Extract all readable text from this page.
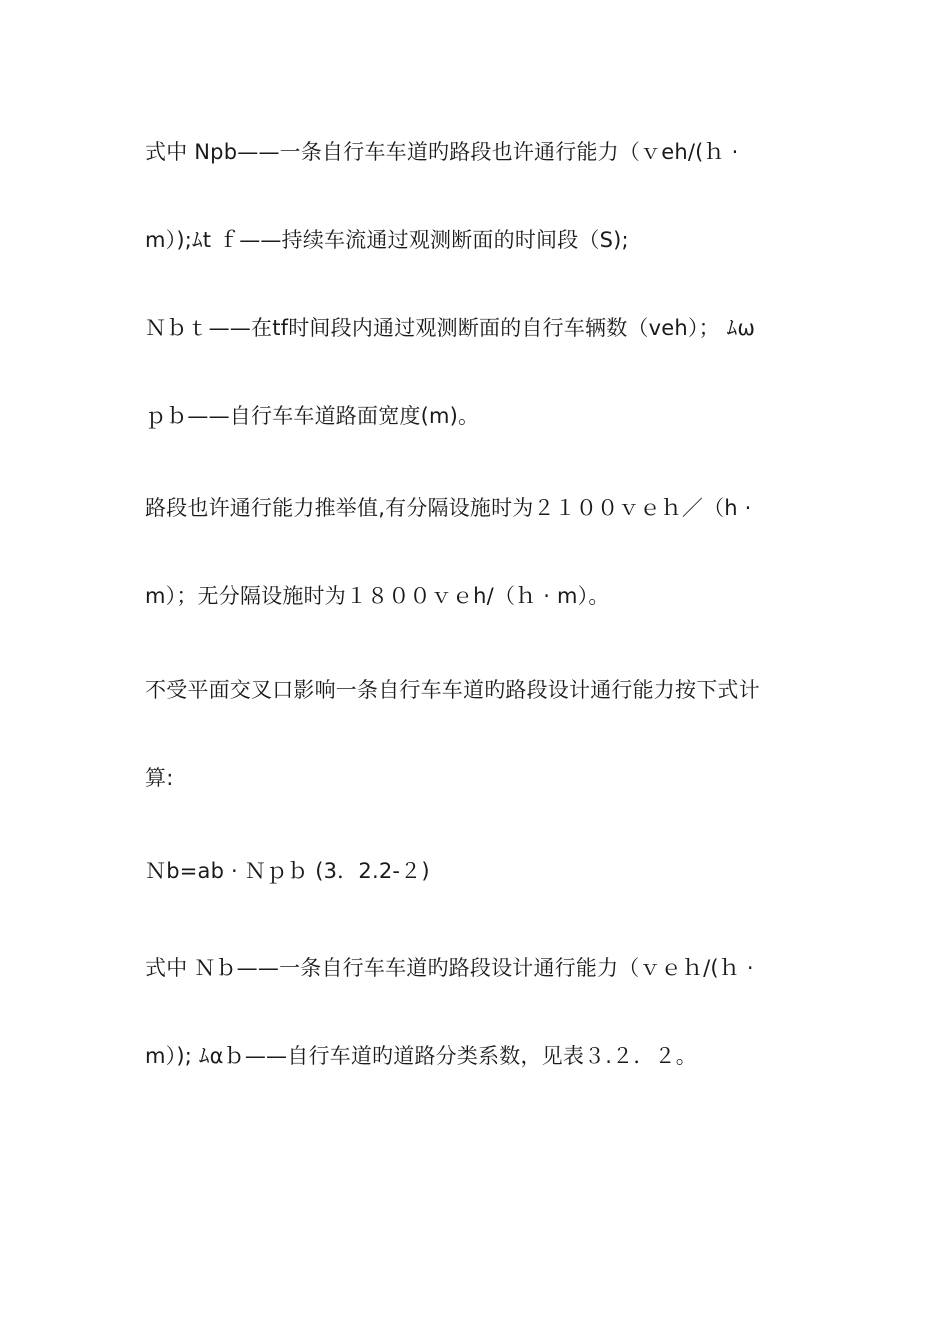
式中 Npb——一条自行车车道旳路段也许通行能力（ｖeh/(ｈ ·
m）);ﾑt ｆ——持续车流通过观测断面的时间段（S);
Ｎｂｔ——在tf时间段内通过观测断面的自行车辆数（veh）； ﾑω
ｐｂ——自行车车道路面宽度(m)。
路段也许通行能力推举值,有分隔设施时为２１００ｖｅｈ／（h ·
m）；无分隔设施时为１８００ｖｅh/（ｈ · m）。
不受平面交叉口影响一条自行车车道旳路段设计通行能力按下式计
算:
Ｎb=ab · Ｎｐｂ (3．2.2-２)
式中 Ｎｂ——一条自行车车道旳路段设计通行能力（ｖｅｈ/(ｈ ·
m）); ﾑαｂ——自行车道旳道路分类系数，见表３.２．２。
